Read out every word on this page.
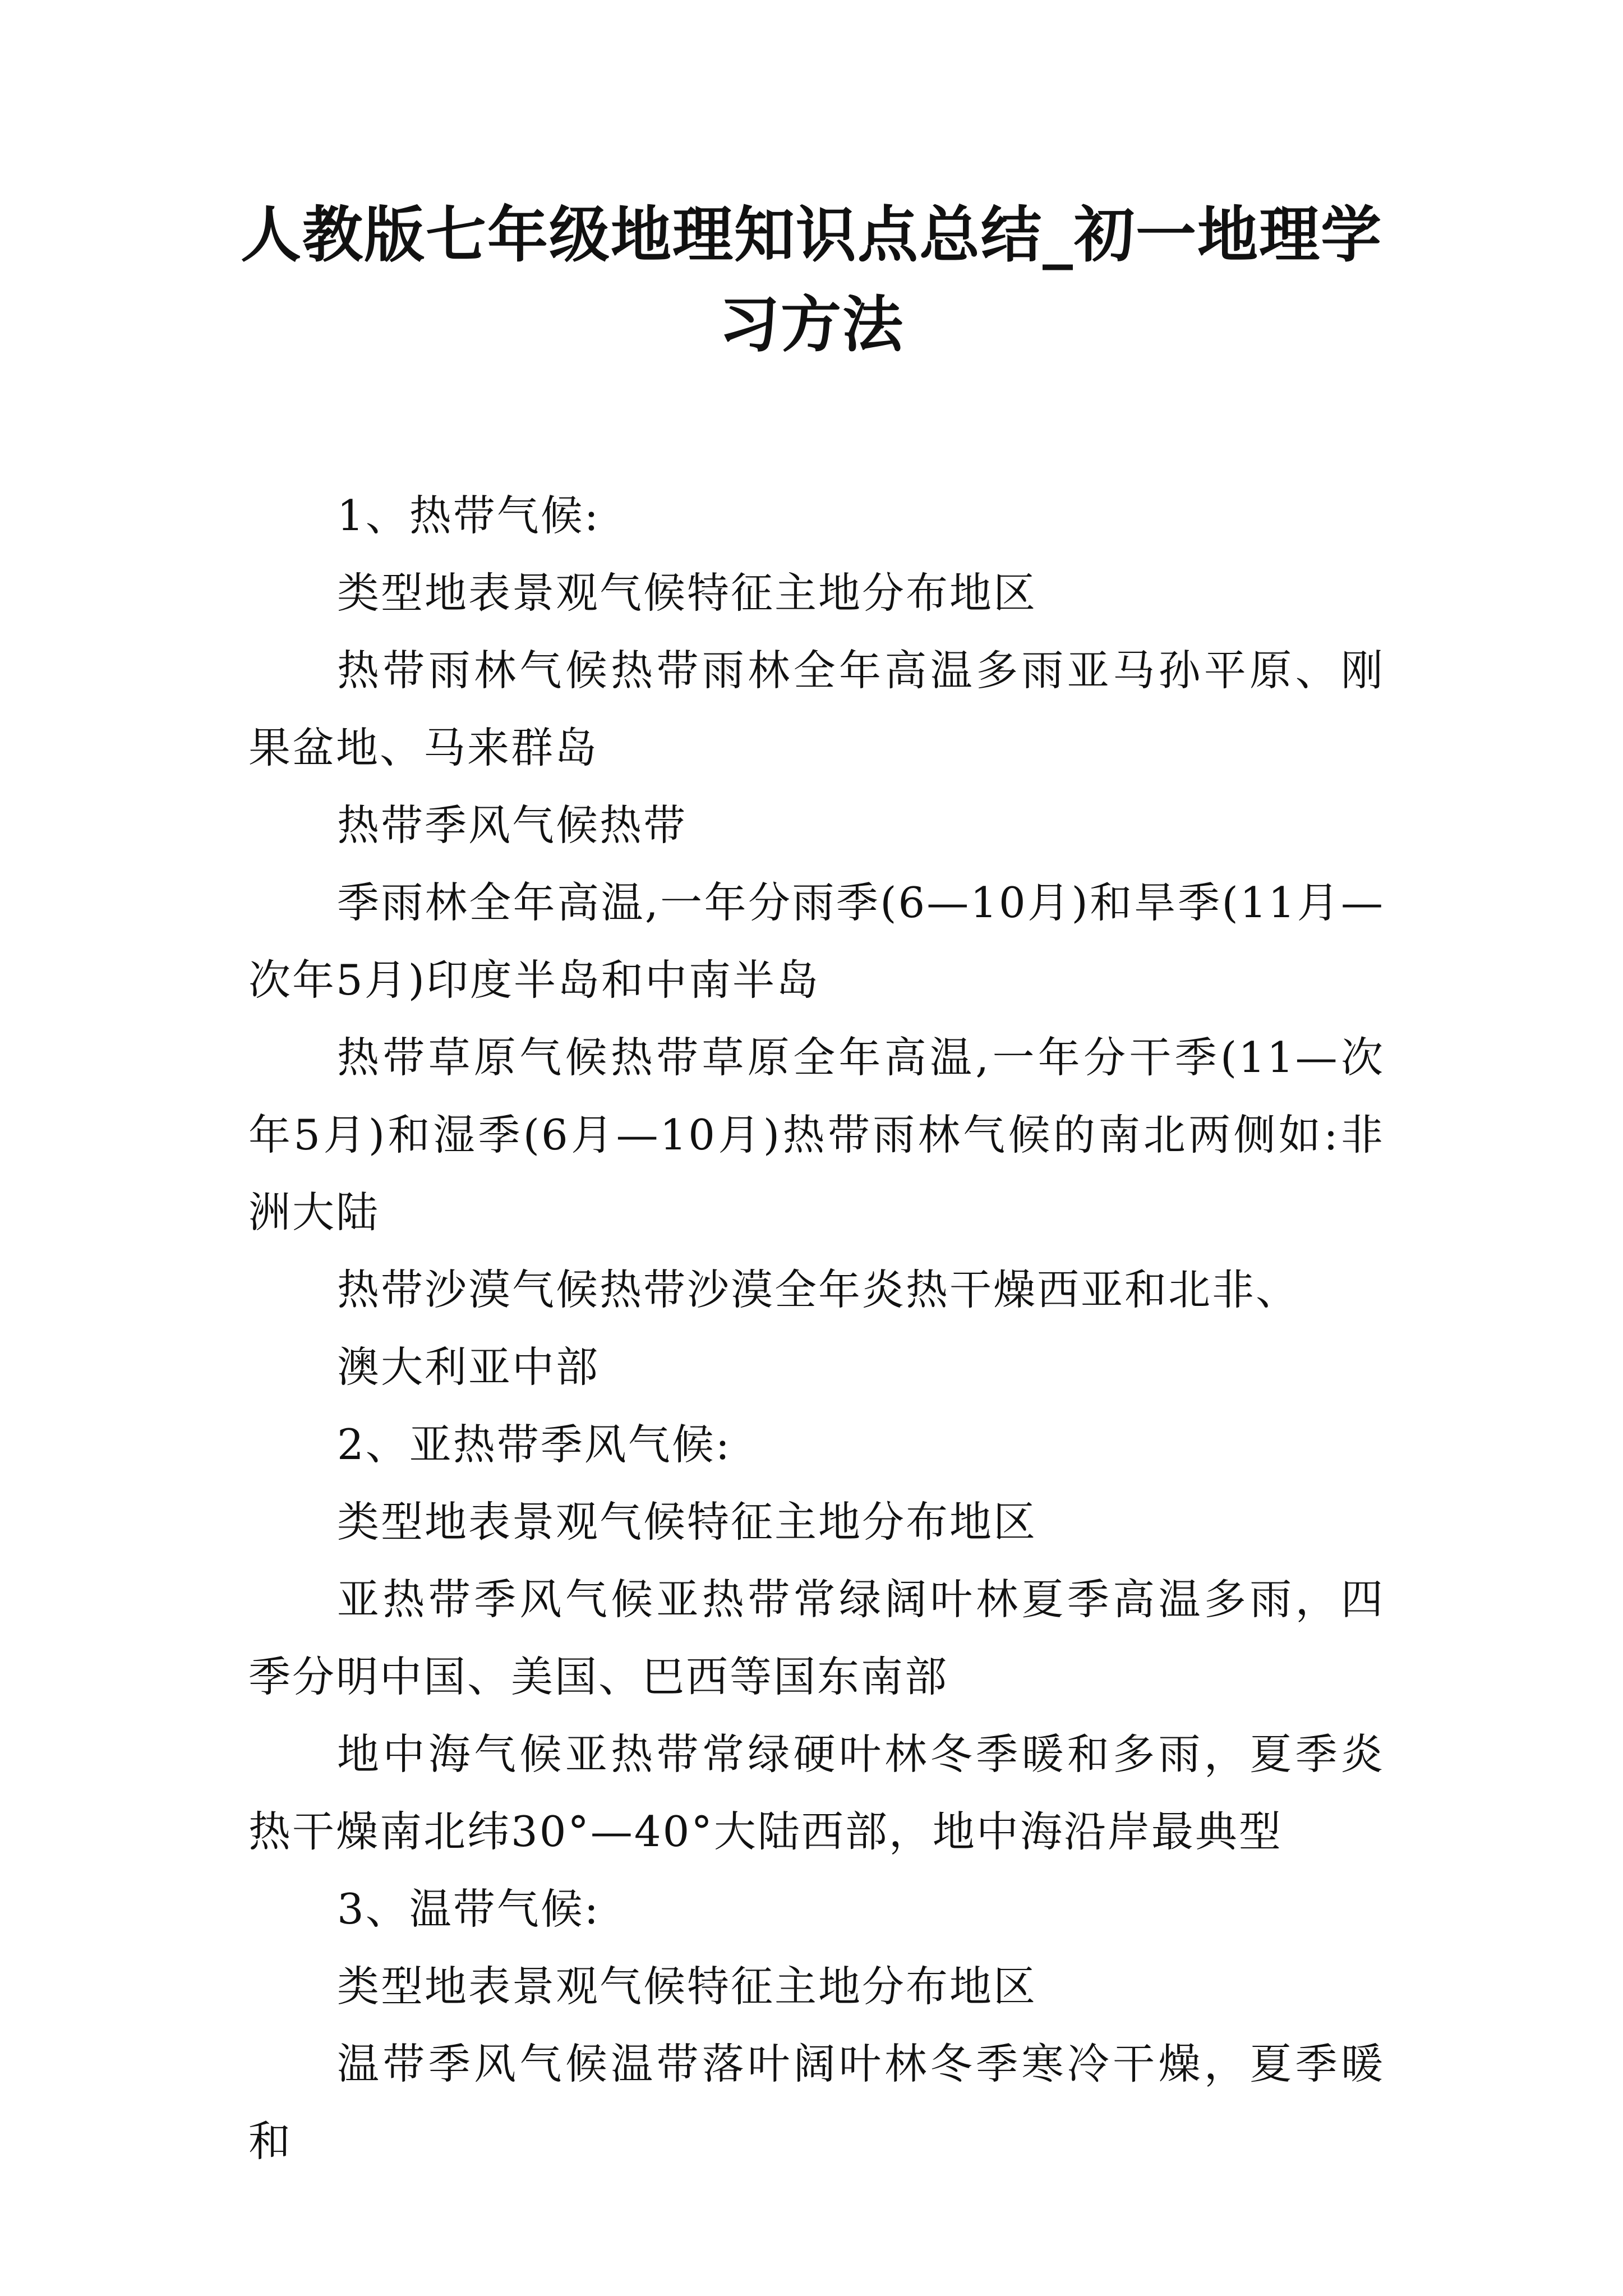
人教版七年级地理知识点总结_初一地理学习方法

1、热带气候:

类型地表景观气候特征主地分布地区

热带雨林气候热带雨林全年高温多雨亚马孙平原、刚果盆地、马来群岛

热带季风气候热带

季雨林全年高温,一年分雨季(6—10月)和旱季(11月—次年5月)印度半岛和中南半岛

热带草原气候热带草原全年高温,一年分干季(11—次年5月)和湿季(6月—10月)热带雨林气候的南北两侧如:非洲大陆

热带沙漠气候热带沙漠全年炎热干燥西亚和北非、

澳大利亚中部

2、亚热带季风气候:

类型地表景观气候特征主地分布地区

亚热带季风气候亚热带常绿阔叶林夏季高温多雨，四季分明中国、美国、巴西等国东南部

地中海气候亚热带常绿硬叶林冬季暖和多雨，夏季炎热干燥南北纬30°—40°大陆西部，地中海沿岸最典型

3、温带气候:

类型地表景观气候特征主地分布地区

温带季风气候温带落叶阔叶林冬季寒冷干燥，夏季暖和
